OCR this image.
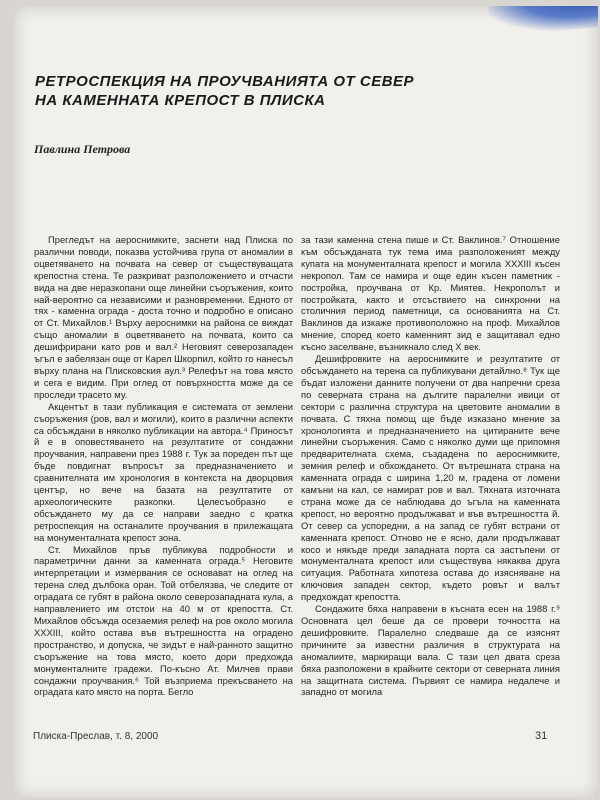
РЕТРОСПЕКЦИЯ НА ПРОУЧВАНИЯТА ОТ СЕВЕР
НА КАМЕННАТА КРЕПОСТ В ПЛИСКА
Павлина Петрова

Прегледът на аерoснимките, заснети над Плиска по различни поводи, показва устойчива група от аномалии в оцветяването на почвата на север от съществуващата крепостна стена. Те разкриват разположението и отчасти вида на две неразкопани още линейни съоръжения, които най-вероятно са независими и разновременни. Едното от тях - каменна ограда - доста точно и подробно е описано от Ст. Михайлов.¹ Върху аерoснимки на района се виждат също аномалии в оцветяването на почвата, които са дешифрирани като ров и вал.² Неговият северозападен ъгъл е забелязан още от Карел Шкорпил, който го нанесъл върху плана на Плисковския аул.³ Релефът на това място и сега е видим. При оглед от повърхността може да се проследи трасето му.

Акцентът в тази публикация е системата от землени съоръжения (ров, вал и могили), които в различни аспекти са обсъждани в няколко публикации на автора.⁴ Приносът й е в оповестяването на резултатите от сондажни проучвания, направени през 1988 г. Тук за пореден път ще бъде повдигнат въпросът за предназначението и сравнителната им хронология в контекста на дворцовия център, но вече на базата на резултатите от археологическите разкопки. Целесъобразно е обсъждането му да се направи заедно с кратка ретроспекция на останалите проучвания в прилежащата на монументалната крепост зона.

Ст. Михайлов пръв публикува подробности и параметрични данни за каменната ограда.⁵ Неговите интерпретации и измервания се основават на оглед на терена след дълбока оран. Той отбелязва, че следите от оградата се губят в района около северозападната кула, а направлението им отстои на 40 м от крепостта. Ст. Михайлов обсъжда осезаемия релеф на ров около могила XXXIII, който остава във вътрешността на оградено пространство, и допуска, че зидът е най-ранното защитно съоръжение на това място, което дори предхожда монументалните градежи. По-късно Ат. Милчев прави сондажни проучвания.⁶ Той възприема прекъсването на оградата като място на порта. Бегло

за тази каменна стена пише и Ст. Ваклинов.⁷ Отношение към обсъжданата тук тема има разположеният между купата на монументалната крепост и могила XXXIII късен некропол. Там се намира и още един късен паметник - постройка, проучвана от Кр. Миятев. Некрополът и постройката, както и отсъствието на синхронни на столичния период паметници, са основанията на Ст. Ваклинов да изкаже противоположно на проф. Михайлов мнение, според което каменният зид е защитавал едно късно заселване, възникнало след X век.

Дешифровките на аерoснимките и резултатите от обсъждането на терена са публикувани детайлно.⁸ Тук ще бъдат изложени данните получени от два напречни среза по северната страна на дългите паралелни ивици от сектори с различна структура на цветовите аномалии в почвата. С тяхна помощ ще бъде изказано мнение за хронологията и предназначението на цитираните вече линейни съоръжения. Само с няколко думи ще припомня предварителната схема, създадена по аерoснимките, земния релеф и обхождането. От вътрешната страна на каменната ограда с ширина 1,20 м, градена от ломени камъни на кал, се намират ров и вал. Тяхната източната страна може да се наблюдава до ъгъла на каменната крепост, но вероятно продължават и във вътрешността й. От север са успоредни, а на запад се губят встрани от каменната крепост. Отново не е ясно, дали продължават косо и някъде преди западната порта са застъпени от монументалната крепост или съществува някаква друга ситуация. Работната хипотеза остава до изясняване на ключовия западен сектор, където ровът и валът предхождат крепостта.

Сондажите бяха направени в късната есен на 1988 г.⁹ Основната цел беше да се провери точността на дешифровките. Паралелно следваше да се изяснят причините за известни различия в структурата на аномалиите, маркиращи вала. С тази цел двата среза бяха разположени в крайните сектори от северната линия на защитната система. Първият се намира недалече и западно от могила

Плиска-Преслав, т. 8, 2000	31
